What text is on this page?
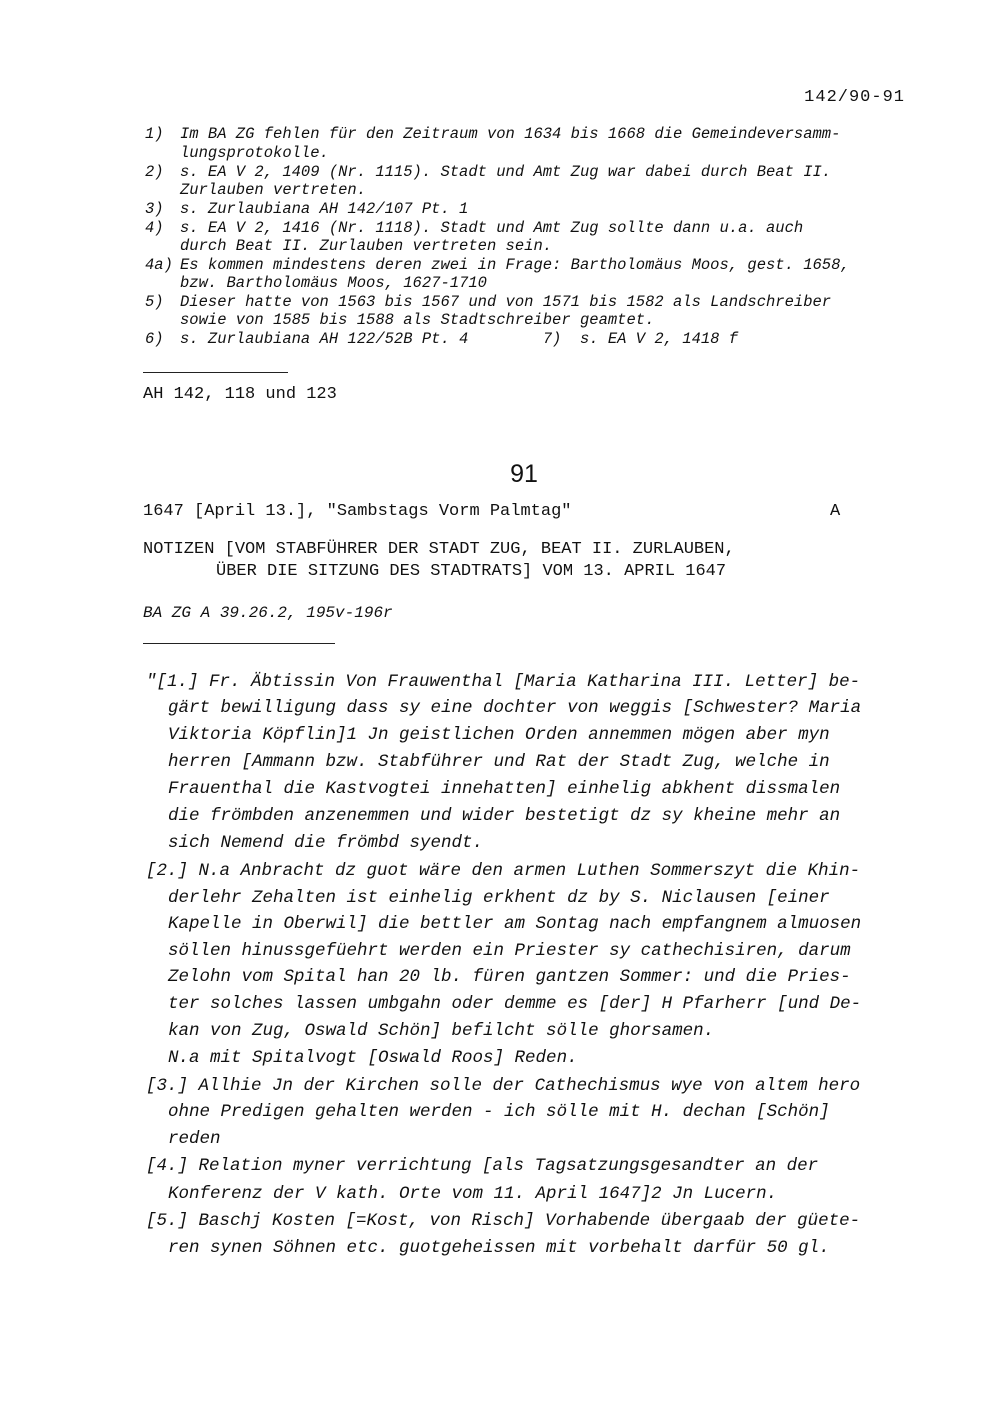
142/90-91
1) Im BA ZG fehlen für den Zeitraum von 1634 bis 1668 die Gemeindeversamm-
lungsprotokolle.
2) s. EA V 2, 1409 (Nr. 1115). Stadt und Amt Zug war dabei durch Beat II.
Zurlauben vertreten.
3) s. Zurlaubiana AH 142/107 Pt. 1
4) s. EA V 2, 1416 (Nr. 1118). Stadt und Amt Zug sollte dann u.a. auch
durch Beat II. Zurlauben vertreten sein.
4a) Es kommen mindestens deren zwei in Frage: Bartholomäus Moos, gest. 1658,
bzw. Bartholomäus Moos, 1627-1710
5) Dieser hatte von 1563 bis 1567 und von 1571 bis 1582 als Landschreiber
sowie von 1585 bis 1588 als Stadtschreiber geamtet.
6) s. Zurlaubiana AH 122/52B Pt. 4        7)  s. EA V 2, 1418 f
AH 142, 118 und 123
91
1647 [April 13.], "Sambstags Vorm Palmtag"	A
NOTIZEN [VOM STABFÜHRER DER STADT ZUG, BEAT II. ZURLAUBEN,
ÜBER DIE SITZUNG DES STADTRATS] VOM 13. APRIL 1647
BA ZG A 39.26.2, 195v-196r
"[1.] Fr. Äbtissin Von Frauwenthal [Maria Katharina III. Letter] be-
gärt bewilligung dass sy eine dochter von weggis [Schwester? Maria
Viktoria Köpflin]1 Jn geistlichen Orden annemmen mögen aber myn
herren [Ammann bzw. Stabführer und Rat der Stadt Zug, welche in
Frauenthal die Kastvogtei innehatten] einhelig abkhent dissmalen
die frömbden anzenemmen und wider bestetigt dz sy kheine mehr an
sich Nemend die frömbd syendt.
[2.] N.a Anbracht dz guot wäre den armen Luthen Sommerszyt die Khin-
derlehr Zehalten ist einhelig erkhent dz by S. Niclausen [einer
Kapelle in Oberwil] die bettler am Sontag nach empfangnem almuosen
söllen hinussgefüehrt werden ein Priester sy cathechisiren, darum
Zelohn vom Spital han 20 lb. füren gantzen Sommer: und die Pries-
ter solches lassen umbgahn oder demme es [der] H Pfarherr [und De-
kan von Zug, Oswald Schön] befilcht sölle ghorsamen.
N.a mit Spitalvogt [Oswald Roos] Reden.
[3.] Allhie Jn der Kirchen solle der Cathechismus wye von altem hero
ohne Predigen gehalten werden - ich sölle mit H. dechan [Schön]
reden
[4.] Relation myner verrichtung [als Tagsatzungsgesandter an der
Konferenz der V kath. Orte vom 11. April 1647]2 Jn Lucern.
[5.] Baschj Kosten [=Kost, von Risch] Vorhabende übergaab der güete-
ren synen Söhnen etc. guotgeheissen mit vorbehalt darfür 50 gl.
